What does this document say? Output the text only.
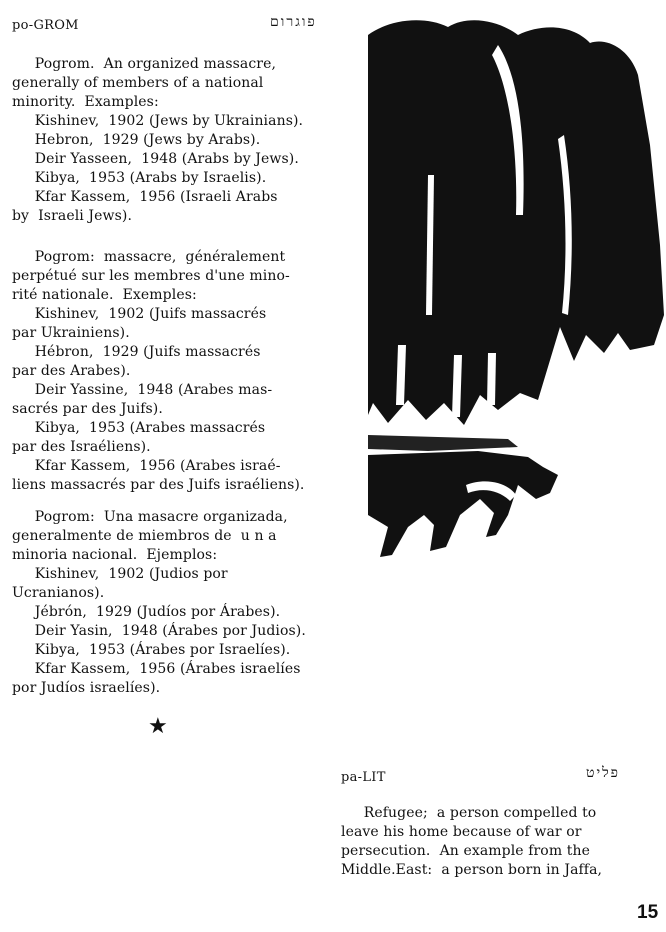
po-GROM	פוגרום
Pogrom.  An organized massacre,
generally of members of a national
minority.  Examples:
Kishinev,  1902 (Jews by Ukrainians).
Hebron,  1929 (Jews by Arabs).
Deir Yasseen,  1948 (Arabs by Jews).
Kibya,  1953 (Arabs by Israelis).
Kfar Kassem,  1956 (Israeli Arabs
by  Israeli Jews).
Pogrom:  massacre,  généralement
perpétué sur les membres d'une mino-
rité nationale.  Exemples:
Kishinev,  1902 (Juifs massacrés
par Ukrainiens).
Hébron,  1929 (Juifs massacrés
par des Arabes).
Deir Yassine,  1948 (Arabes mas-
sacrés par des Juifs).
Kibya,  1953 (Arabes massacrés
par des Israéliens).
Kfar Kassem,  1956 (Arabes israé-
liens massacrés par des Juifs israéliens).
Pogrom:  Una masacre organizada,
generalmente de miembros de  u n a
minoria nacional.  Ejemplos:
Kishinev,  1902 (Judios por
Ucranianos).
Jébrón,  1929 (Judíos por Árabes).
Deir Yasin,  1948 (Árabes por Judios).
Kibya,  1953 (Árabes por Israelíes).
Kfar Kassem,  1956 (Árabes israelíes
por Judíos israelíes).
★
pa-LIT	פליט
Refugee;  a person compelled to
leave his home because of war or
persecution.  An example from the
Middle.East:  a person born in Jaffa,
15
